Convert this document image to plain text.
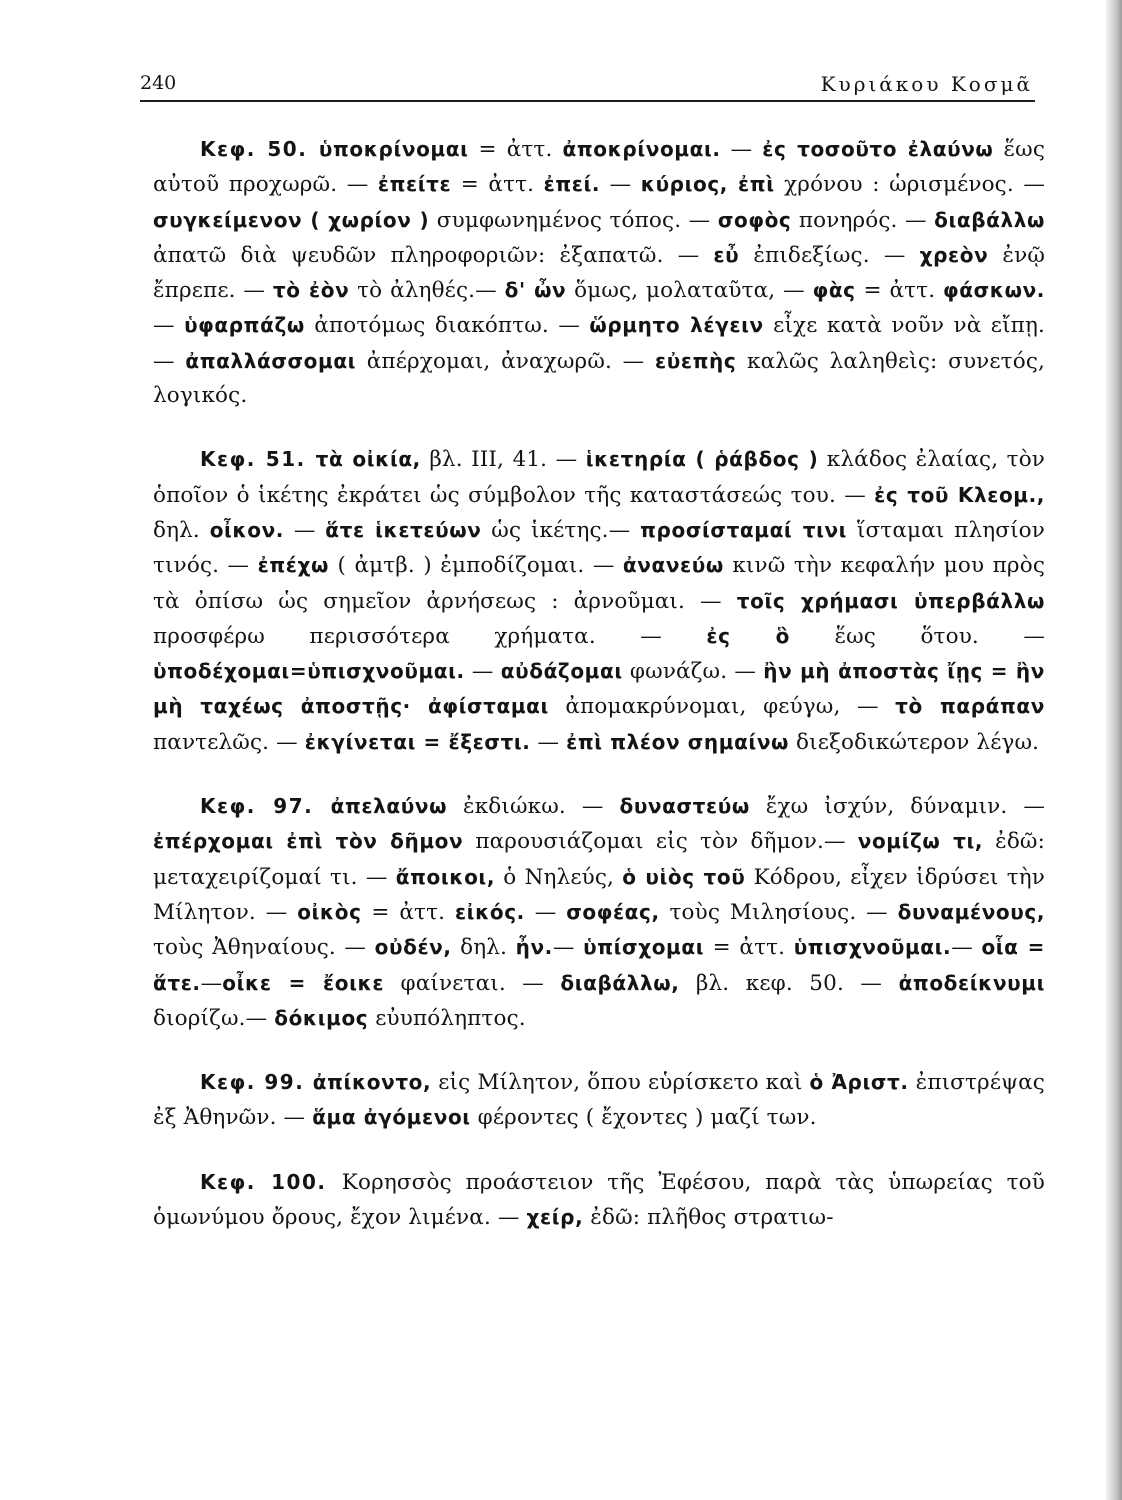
240	Κυριάκου Κοσμᾶ

Κεφ. 50. ὑποκρίνομαι = ἀττ. ἀποκρίνομαι. — ἐς τοσοῦτο ἐλαύνω ἕως αὐτοῦ προχωρῶ. — ἐπείτε = ἀττ. ἐπεί. — κύριος, ἐπὶ χρόνου : ὡρισμένος. — συγκείμενον ( χωρίον ) συμφωνημένος τόπος. — σοφὸς πονηρός. — διαβάλλω ἀπατῶ διὰ ψευδῶν πληροφοριῶν: ἐξαπατῶ. — εὖ ἐπιδεξίως. — χρεὸν ἐνῷ ἔπρεπε. — τὸ ἐὸν τὸ ἀληθές.— δ' ὦν ὅμως, μολαταῦτα, — φὰς = ἀττ. φάσκων. — ὑφαρπάζω ἀποτόμως διακόπτω. — ὥρμητο λέγειν εἶχε κατὰ νοῦν νὰ εἴπῃ. — ἀπαλλάσσομαι ἀπέρχομαι, ἀναχωρῶ. — εὐεπὴς καλῶς λαληθεὶς: συνετός, λογικός.

Κεφ. 51. τὰ οἰκία, βλ. III, 41. — ἱκετηρία ( ῥάβδος ) κλάδος ἐλαίας, τὸν ὁποῖον ὁ ἱκέτης ἐκράτει ὡς σύμβολον τῆς καταστάσεώς του. — ἐς τοῦ Κλεομ., δηλ. οἶκον. — ἅτε ἱκετεύων ὡς ἱκέτης.— προσίσταμαί τινι ἵσταμαι πλησίον τινός. — ἐπέχω ( ἀμτβ. ) ἐμποδίζομαι. — ἀνανεύω κινῶ τὴν κεφαλήν μου πρὸς τὰ ὀπίσω ὡς σημεῖον ἀρνήσεως : ἀρνοῦμαι. — τοῖς χρήμασι ὑπερβάλλω προσφέρω περισσότερα χρήματα. — ἐς ὃ ἕως ὅτου. — ὑποδέχομαι=ὑπισχνοῦμαι. — αὐδάζομαι φωνάζω. — ἢν μὴ ἀποστὰς ἴῃς = ἢν μὴ ταχέως ἀποστῇς· ἀφίσταμαι ἀπομακρύνομαι, φεύγω, — τὸ παράπαν παντελῶς. — ἐκγίνεται = ἔξεστι. — ἐπὶ πλέον σημαίνω διεξοδικώτερον λέγω.

Κεφ. 97. ἀπελαύνω ἐκδιώκω. — δυναστεύω ἔχω ἰσχύν, δύναμιν. — ἐπέρχομαι ἐπὶ τὸν δῆμον παρουσιάζομαι εἰς τὸν δῆμον.— νομίζω τι, ἐδῶ: μεταχειρίζομαί τι. — ἄποικοι, ὁ Νηλεύς, ὁ υἱὸς τοῦ Κόδρου, εἶχεν ἱδρύσει τὴν Μίλητον. — οἰκὸς = ἀττ. εἰκός. — σοφέας, τοὺς Μιλησίους. — δυναμένους, τοὺς Ἀθηναίους. — οὐδέν, δηλ. ἦν.— ὑπίσχομαι = ἀττ. ὑπισχνοῦμαι.— οἷα = ἅτε.—οἶκε = ἔοικε φαίνεται. — διαβάλλω, βλ. κεφ. 50. — ἀποδείκνυμι διορίζω.— δόκιμος εὐυπόληπτος.

Κεφ. 99. ἀπίκοντο, εἰς Μίλητον, ὅπου εὑρίσκετο καὶ ὁ Ἀριστ. ἐπιστρέψας ἐξ Ἀθηνῶν. — ἅμα ἀγόμενοι φέροντες ( ἔχοντες ) μαζί των.

Κεφ. 100. Κορησσὸς προάστειον τῆς Ἐφέσου, παρὰ τὰς ὑπωρείας τοῦ ὁμωνύμου ὄρους, ἔχον λιμένα. — χείρ, ἐδῶ: πλῆθος στρατιω-
